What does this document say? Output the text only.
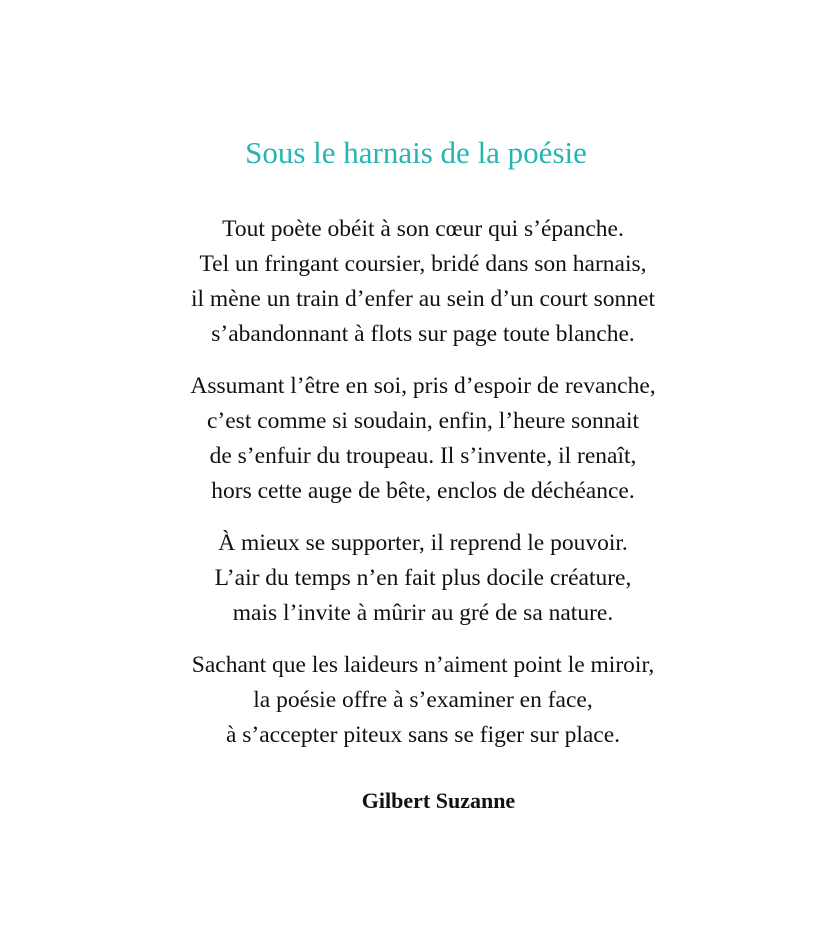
Sous le harnais de la poésie
Tout poète obéit à son cœur qui s’épanche.
Tel un fringant coursier, bridé dans son harnais,
il mène un train d’enfer au sein d’un court sonnet
s’abandonnant à flots sur page toute blanche.
Assumant l’être en soi, pris d’espoir de revanche,
c’est comme si soudain, enfin, l’heure sonnait
de s’enfuir du troupeau. Il s’invente, il renaît,
hors cette auge de bête, enclos de déchéance.
À mieux se supporter, il reprend le pouvoir.
L’air du temps n’en fait plus docile créature,
mais l’invite à mûrir au gré de sa nature.
Sachant que les laideurs n’aiment point le miroir,
la poésie offre à s’examiner en face,
à s’accepter piteux sans se figer sur place.

Gilbert Suzanne
